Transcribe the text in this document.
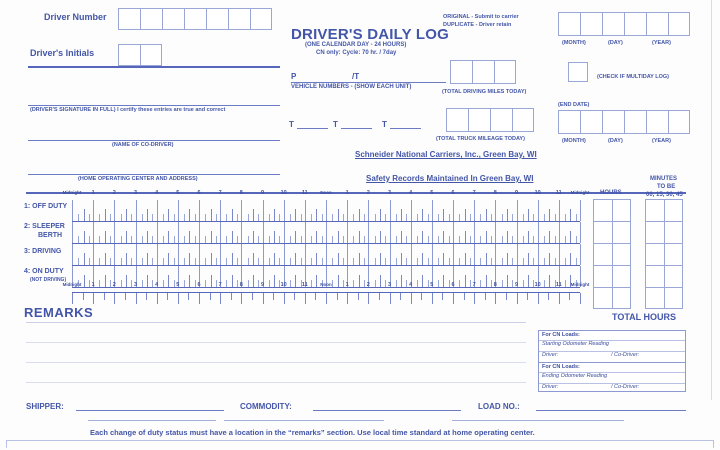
Driver Number
Driver's Initials
(DRIVER'S SIGNATURE IN FULL) I certify these entries are true and correct
(NAME OF CO-DRIVER)
(HOME OPERATING CENTER AND ADDRESS)
DRIVER'S DAILY LOG
(ONE CALENDAR DAY - 24 HOURS)
CN only: Cycle: 70 hr. / 7day
P	/T
VEHICLE NUMBERS - (SHOW EACH UNIT)
T	T	T
ORIGINAL - Submit to carrier
DUPLICATE - Driver retain
(MONTH)	(DAY)	(YEAR)
(TOTAL DRIVING MILES TODAY)
(CHECK IF MULTIDAY LOG)
(END DATE)
(MONTH)	(DAY)	(YEAR)
(TOTAL TRUCK MILEAGE TODAY)
Schneider National Carriers, Inc., Green Bay, WI
Safety Records Maintained In Green Bay, WI
Midnight 1	2	3	4	5	6	7	8	9	10	11	Noon	1	2	3	4	5	6	7	8	9	10	11 Midnight
1: OFF DUTY
2: SLEEPER
BERTH
3: DRIVING
4: ON DUTY
(NOT DRIVING)
Midnight 1	2	3	4	5	6	7	8	9	10	11	Noon	1	2	3	4	5	6	7	8	9	10	11 Midnight
HOURS
MINUTES
TO BE
00, 15, 30, 45
TOTAL HOURS
REMARKS
For CN Loads:
Starting Odometer Reading
Driver:	/ Co-Driver:
For CN Loads:
Ending Odometer Reading
Driver:	/ Co-Driver:
SHIPPER:	COMMODITY:	LOAD NO.:
Each change of duty status must have a location in the “remarks” section. Use local time standard at home operating center.
